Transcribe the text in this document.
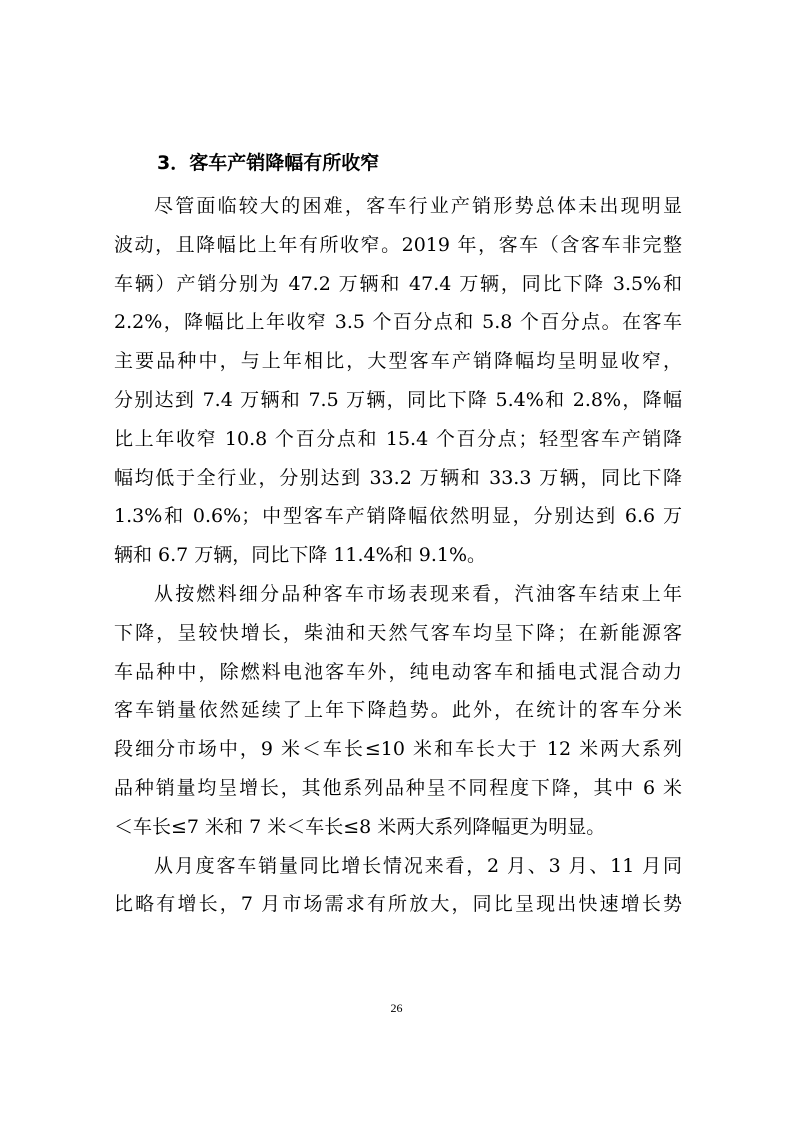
3．客车产销降幅有所收窄
尽管面临较大的困难，客车行业产销形势总体未出现明显
波动，且降幅比上年有所收窄。2019 年，客车（含客车非完整
车辆）产销分别为 47.2 万辆和 47.4 万辆，同比下降 3.5%和
2.2%，降幅比上年收窄 3.5 个百分点和 5.8 个百分点。在客车
主要品种中，与上年相比，大型客车产销降幅均呈明显收窄，
分别达到 7.4 万辆和 7.5 万辆，同比下降 5.4%和 2.8%，降幅
比上年收窄 10.8 个百分点和 15.4 个百分点；轻型客车产销降
幅均低于全行业，分别达到 33.2 万辆和 33.3 万辆，同比下降
1.3%和 0.6%；中型客车产销降幅依然明显，分别达到 6.6 万
辆和 6.7 万辆，同比下降 11.4%和 9.1%。
从按燃料细分品种客车市场表现来看，汽油客车结束上年
下降，呈较快增长，柴油和天然气客车均呈下降；在新能源客
车品种中，除燃料电池客车外，纯电动客车和插电式混合动力
客车销量依然延续了上年下降趋势。此外，在统计的客车分米
段细分市场中，9 米＜车长≤10 米和车长大于 12 米两大系列
品种销量均呈增长，其他系列品种呈不同程度下降，其中 6 米
＜车长≤7 米和 7 米＜车长≤8 米两大系列降幅更为明显。
从月度客车销量同比增长情况来看，2 月、3 月、11 月同
比略有增长，7 月市场需求有所放大，同比呈现出快速增长势
26
